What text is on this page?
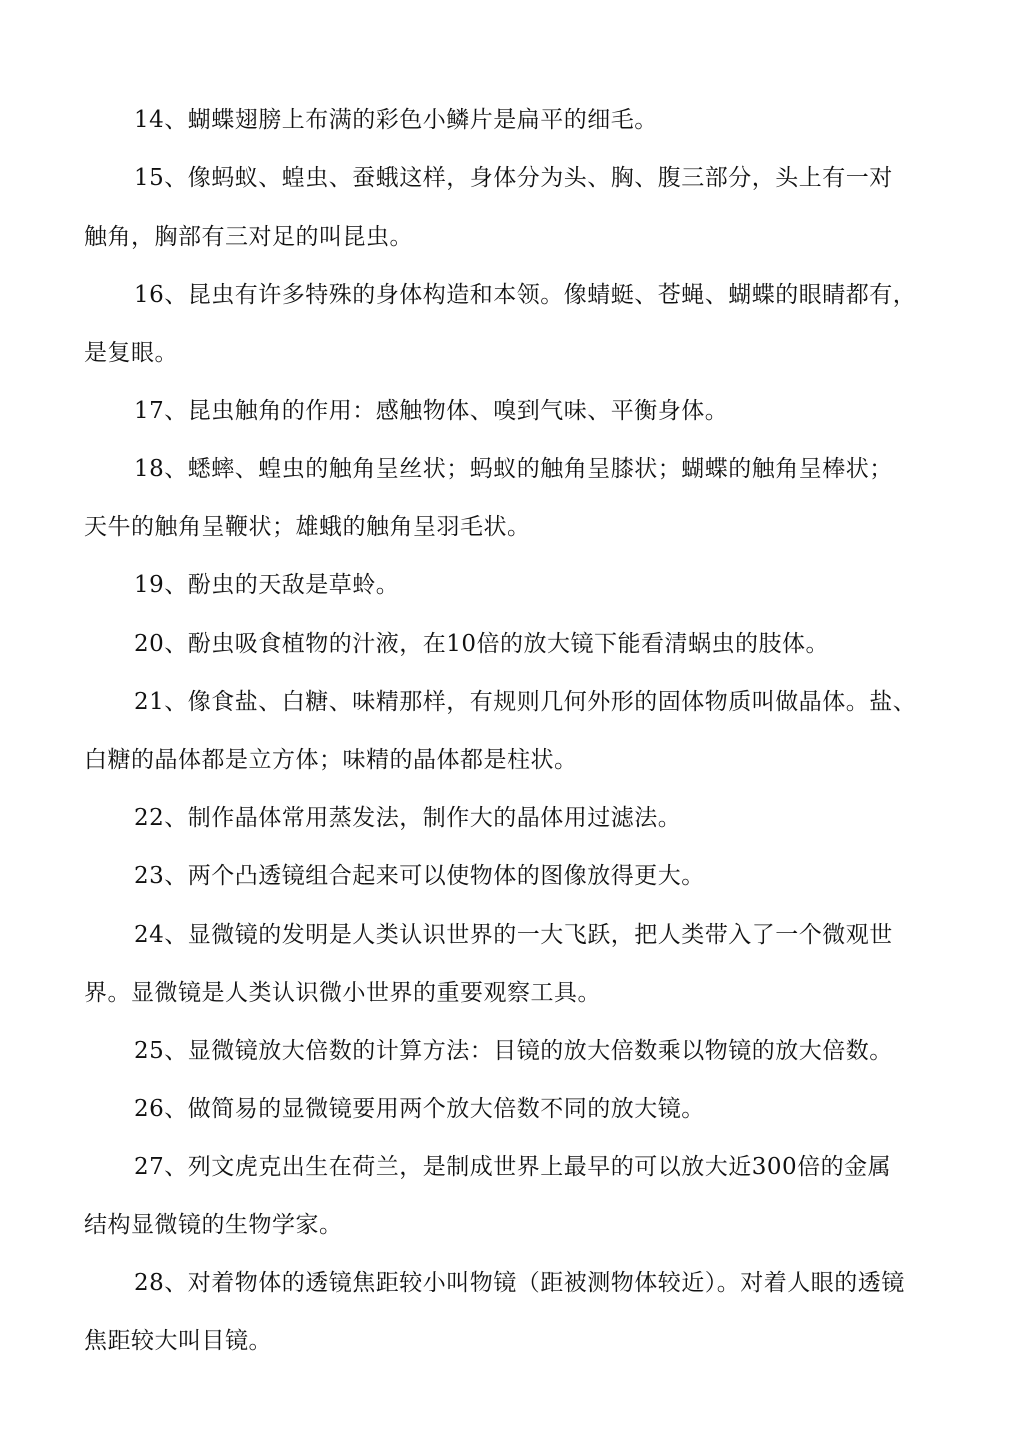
14、蝴蝶翅膀上布满的彩色小鳞片是扁平的细毛。
15、像蚂蚁、蝗虫、蚕蛾这样，身体分为头、胸、腹三部分，头上有一对
触角，胸部有三对足的叫昆虫。
16、昆虫有许多特殊的身体构造和本领。像蜻蜓、苍蝇、蝴蝶的眼睛都有，
是复眼。
17、昆虫触角的作用：感触物体、嗅到气味、平衡身体。
18、蟋蟀、蝗虫的触角呈丝状；蚂蚁的触角呈膝状；蝴蝶的触角呈棒状；
天牛的触角呈鞭状；雄蛾的触角呈羽毛状。
19、酚虫的天敌是草蛉。
20、酚虫吸食植物的汁液，在10倍的放大镜下能看清蜗虫的肢体。
21、像食盐、白糖、味精那样，有规则几何外形的固体物质叫做晶体。盐、
白糖的晶体都是立方体；味精的晶体都是柱状。
22、制作晶体常用蒸发法，制作大的晶体用过滤法。
23、两个凸透镜组合起来可以使物体的图像放得更大。
24、显微镜的发明是人类认识世界的一大飞跃，把人类带入了一个微观世
界。显微镜是人类认识微小世界的重要观察工具。
25、显微镜放大倍数的计算方法：目镜的放大倍数乘以物镜的放大倍数。
26、做简易的显微镜要用两个放大倍数不同的放大镜。
27、列文虎克出生在荷兰，是制成世界上最早的可以放大近300倍的金属
结构显微镜的生物学家。
28、对着物体的透镜焦距较小叫物镜（距被测物体较近）。对着人眼的透镜
焦距较大叫目镜。
